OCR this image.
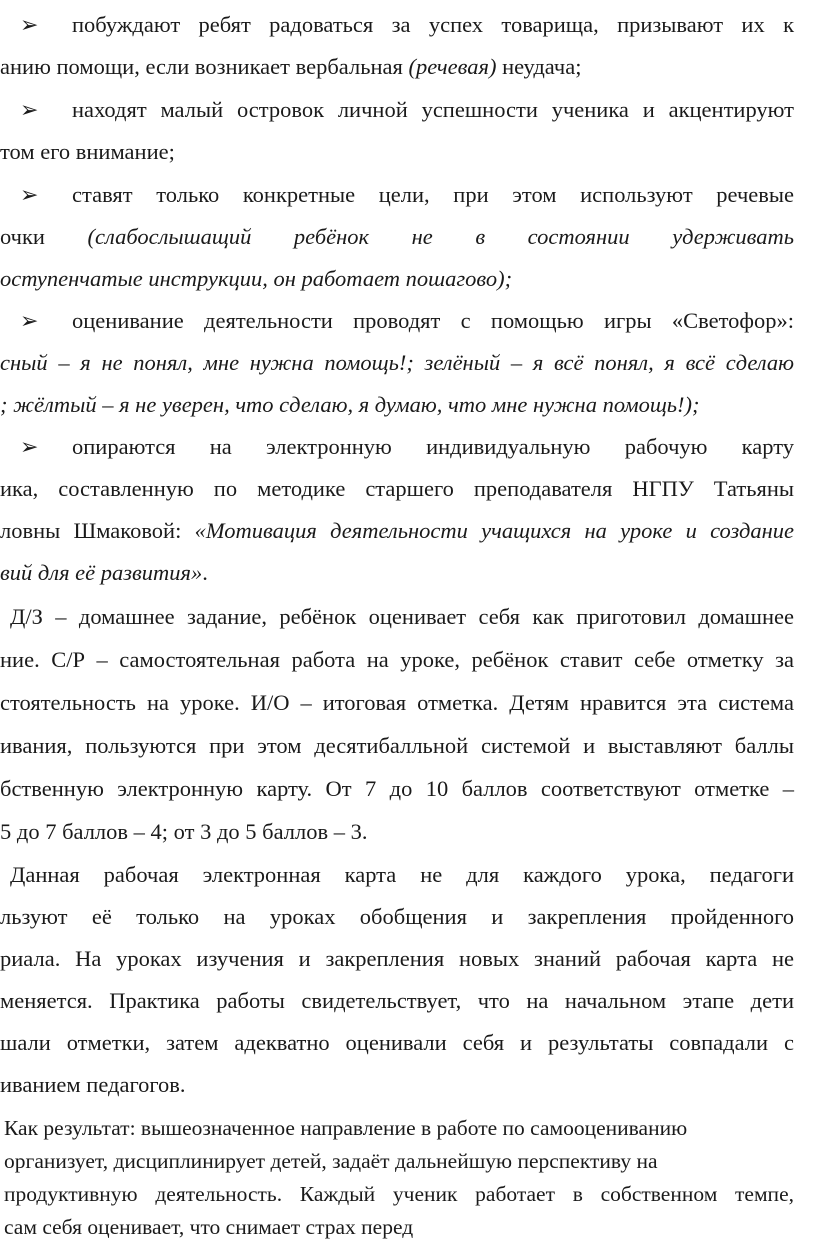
➢ побуждают ребят радоваться за успех товарища, призывают их к
анию помощи, если возникает вербальная (речевая) неудача;
➢ находят малый островок личной успешности ученика и акцентируют
том его внимание;
➢ ставят только конкретные цели, при этом используют речевые
очки (слабослышащий ребёнок не в состоянии удерживать
оступенчатые инструкции, он работает пошагово);
➢ оценивание деятельности проводят с помощью игры «Светофор»:
сный – я не понял, мне нужна помощь!; зелёный – я всё понял, я всё сделаю
; жёлтый – я не уверен, что сделаю, я думаю, что мне нужна помощь!);
➢ опираются на электронную индивидуальную рабочую карту
ика, составленную по методике старшего преподавателя НГПУ Татьяны
ловны Шмаковой: «Мотивация деятельности учащихся на уроке и создание
вий для её развития».
Д/З – домашнее задание, ребёнок оценивает себя как приготовил домашнее
ние. С/Р – самостоятельная работа на уроке, ребёнок ставит себе отметку за
стоятельность на уроке. И/О – итоговая отметка. Детям нравится эта система
ивания, пользуются при этом десятибалльной системой и выставляют баллы
бственную электронную карту. От 7 до 10 баллов соответствуют отметке –
5 до 7 баллов – 4; от 3 до 5 баллов – 3.
Данная рабочая электронная карта не для каждого урока, педагоги
льзуют её только на уроках обобщения и закрепления пройденного
риала. На уроках изучения и закрепления новых знаний рабочая карта не
меняется. Практика работы свидетельствует, что на начальном этапе дети
шали отметки, затем адекватно оценивали себя и результаты совпадали с
иванием педагогов.
Как результат: вышеозначенное направление в работе по самооцениванию
организует, дисциплинирует детей, задаёт дальнейшую перспективу на
продуктивную деятельность. Каждый ученик работает в собственном темпе,
сам себя оценивает, что снимает страх перед
